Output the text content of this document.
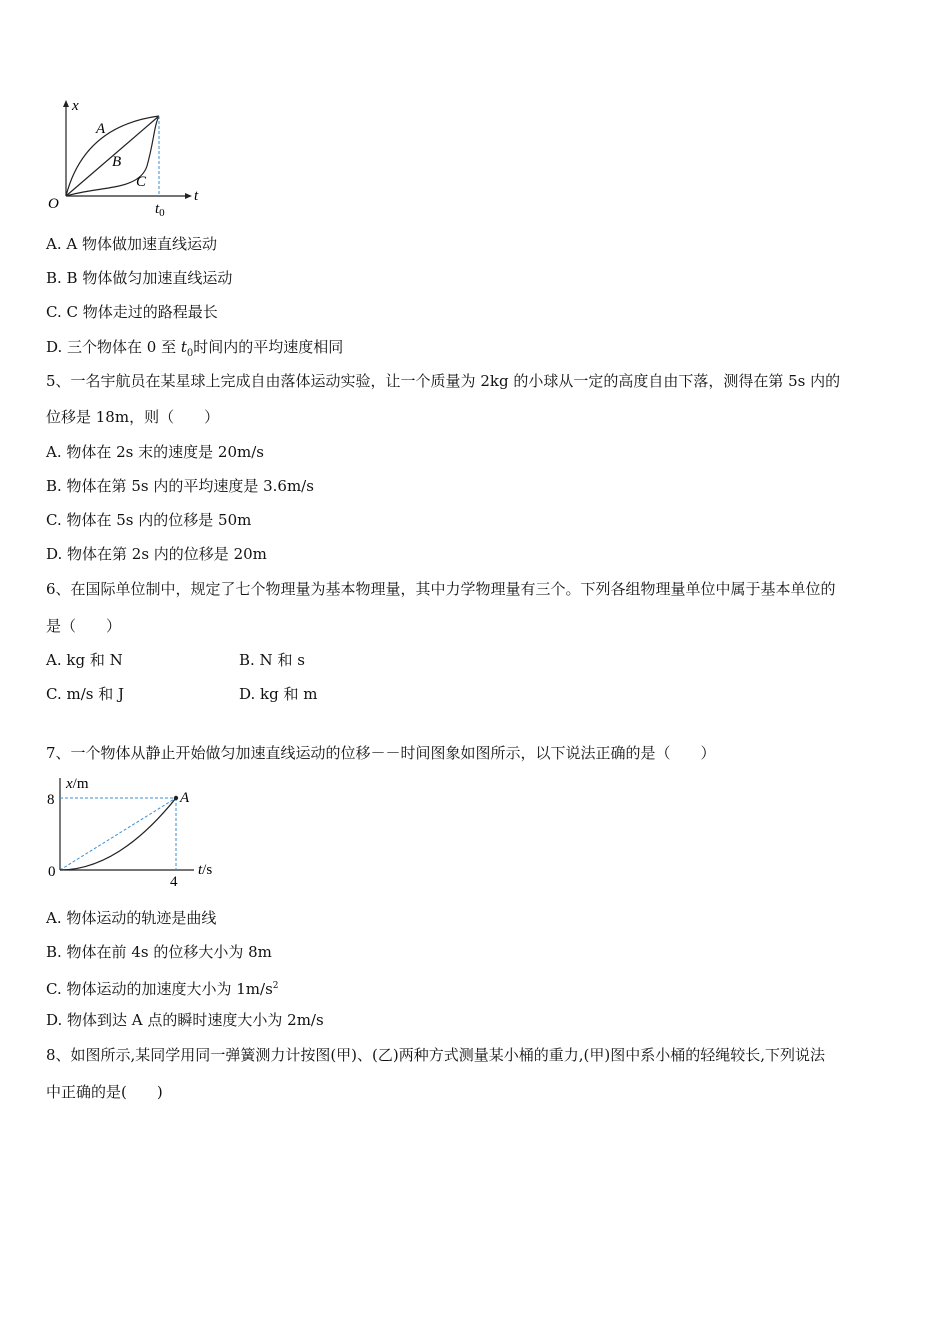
x
t
O
A
B
C
$t_0$
A. A 物体做加速直线运动
B. B 物体做匀加速直线运动
C. C 物体走过的路程最长
D. 三个物体在 0 至 $t_0$时间内的平均速度相同
5、一名宇航员在某星球上完成自由落体运动实验，让一个质量为 2kg 的小球从一定的高度自由下落，测得在第 5s 内的
位移是 18m，则（　　）
A. 物体在 2s 末的速度是 20m/s
B. 物体在第 5s 内的平均速度是 3.6m/s
C. 物体在 5s 内的位移是 50m
D. 物体在第 2s 内的位移是 20m
6、在国际单位制中，规定了七个物理量为基本物理量，其中力学物理量有三个。下列各组物理量单位中属于基本单位的
是（　　）
A. kg 和 N	B. N 和 s
C. m/s 和 J	D. kg 和 m
7、一个物体从静止开始做匀加速直线运动的位移－－时间图象如图所示，以下说法正确的是（　　）
x/m
8
4
0	t/s
A
A. 物体运动的轨迹是曲线
B. 物体在前 4s 的位移大小为 8m
C. 物体运动的加速度大小为 $1m/s^2$
D. 物体到达 A 点的瞬时速度大小为 2m/s
8、如图所示,某同学用同一弹簧测力计按图(甲)、(乙)两种方式测量某小桶的重力,(甲)图中系小桶的轻绳较长,下列说法
中正确的是(　　)
